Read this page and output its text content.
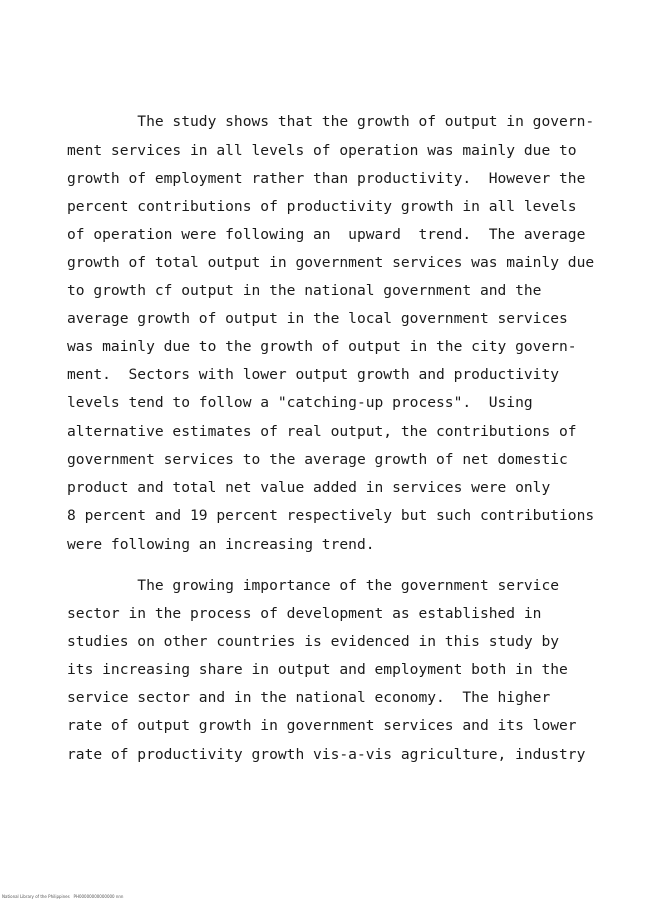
The study shows that the growth of output in govern-
ment services in all levels of operation was mainly due to
growth of employment rather than productivity.  However the
percent contributions of productivity growth in all levels
of operation were following an  upward  trend.  The average
growth of total output in government services was mainly due
to growth cf output in the national government and the
average growth of output in the local government services
was mainly due to the growth of output in the city govern-
ment.  Sectors with lower output growth and productivity
levels tend to follow a "catching-up process".  Using
alternative estimates of real output, the contributions of
government services to the average growth of net domestic
product and total net value added in services were only
8 percent and 19 percent respectively but such contributions
were following an increasing trend.
The growing importance of the government service
sector in the process of development as established in
studies on other countries is evidenced in this study by
its increasing share in output and employment both in the
service sector and in the national economy.  The higher
rate of output growth in government services and its lower
rate of productivity growth vis-a-vis agriculture, industry
National Library of the Philippines   PH00000000000000 nnn
